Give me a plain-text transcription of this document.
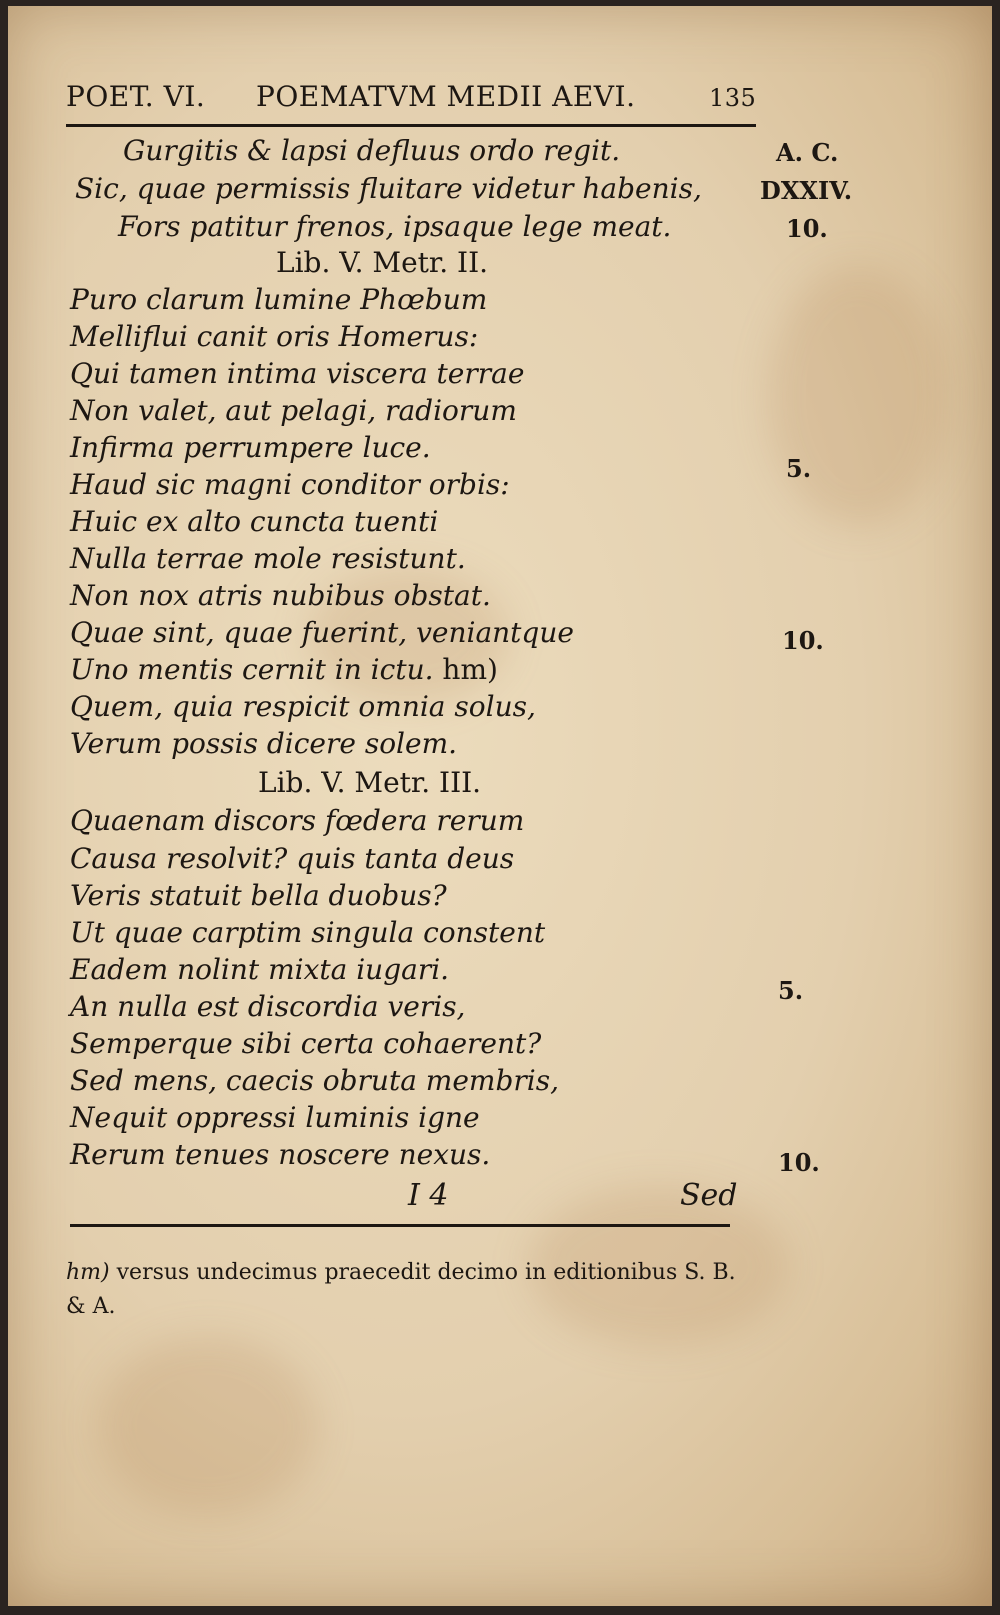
POET. VI. POEMATVM MEDII AEVI.	135
Gurgitis & lapsi defluus ordo regit.
Sic, quae permissis fluitare videtur habenis,
Fors patitur frenos, ipsaque lege meat.
Lib. V. Metr. II.
Puro clarum lumine Phœbum
Melliflui canit oris Homerus:
Qui tamen intima viscera terrae
Non valet, aut pelagi, radiorum
Infirma perrumpere luce.
Haud sic magni conditor orbis:
Huic ex alto cuncta tuenti
Nulla terrae mole resistunt.
Non nox atris nubibus obstat.
Quae sint, quae fuerint, veniantque
Uno mentis cernit in ictu. hm)
Quem, quia respicit omnia solus,
Verum possis dicere solem.
Lib. V. Metr. III.
Quaenam discors fœdera rerum
Causa resolvit? quis tanta deus
Veris statuit bella duobus?
Ut quae carptim singula constent
Eadem nolint mixta iugari.
An nulla est discordia veris,
Semperque sibi certa cohaerent?
Sed mens, caecis obruta membris,
Nequit oppressi luminis igne
Rerum tenues noscere nexus.
A. C.
DXXIV.
10.
5.
10.
5.
10.
I 4	Sed
hm) versus undecimus praecedit decimo in editionibus S. B. & A.
